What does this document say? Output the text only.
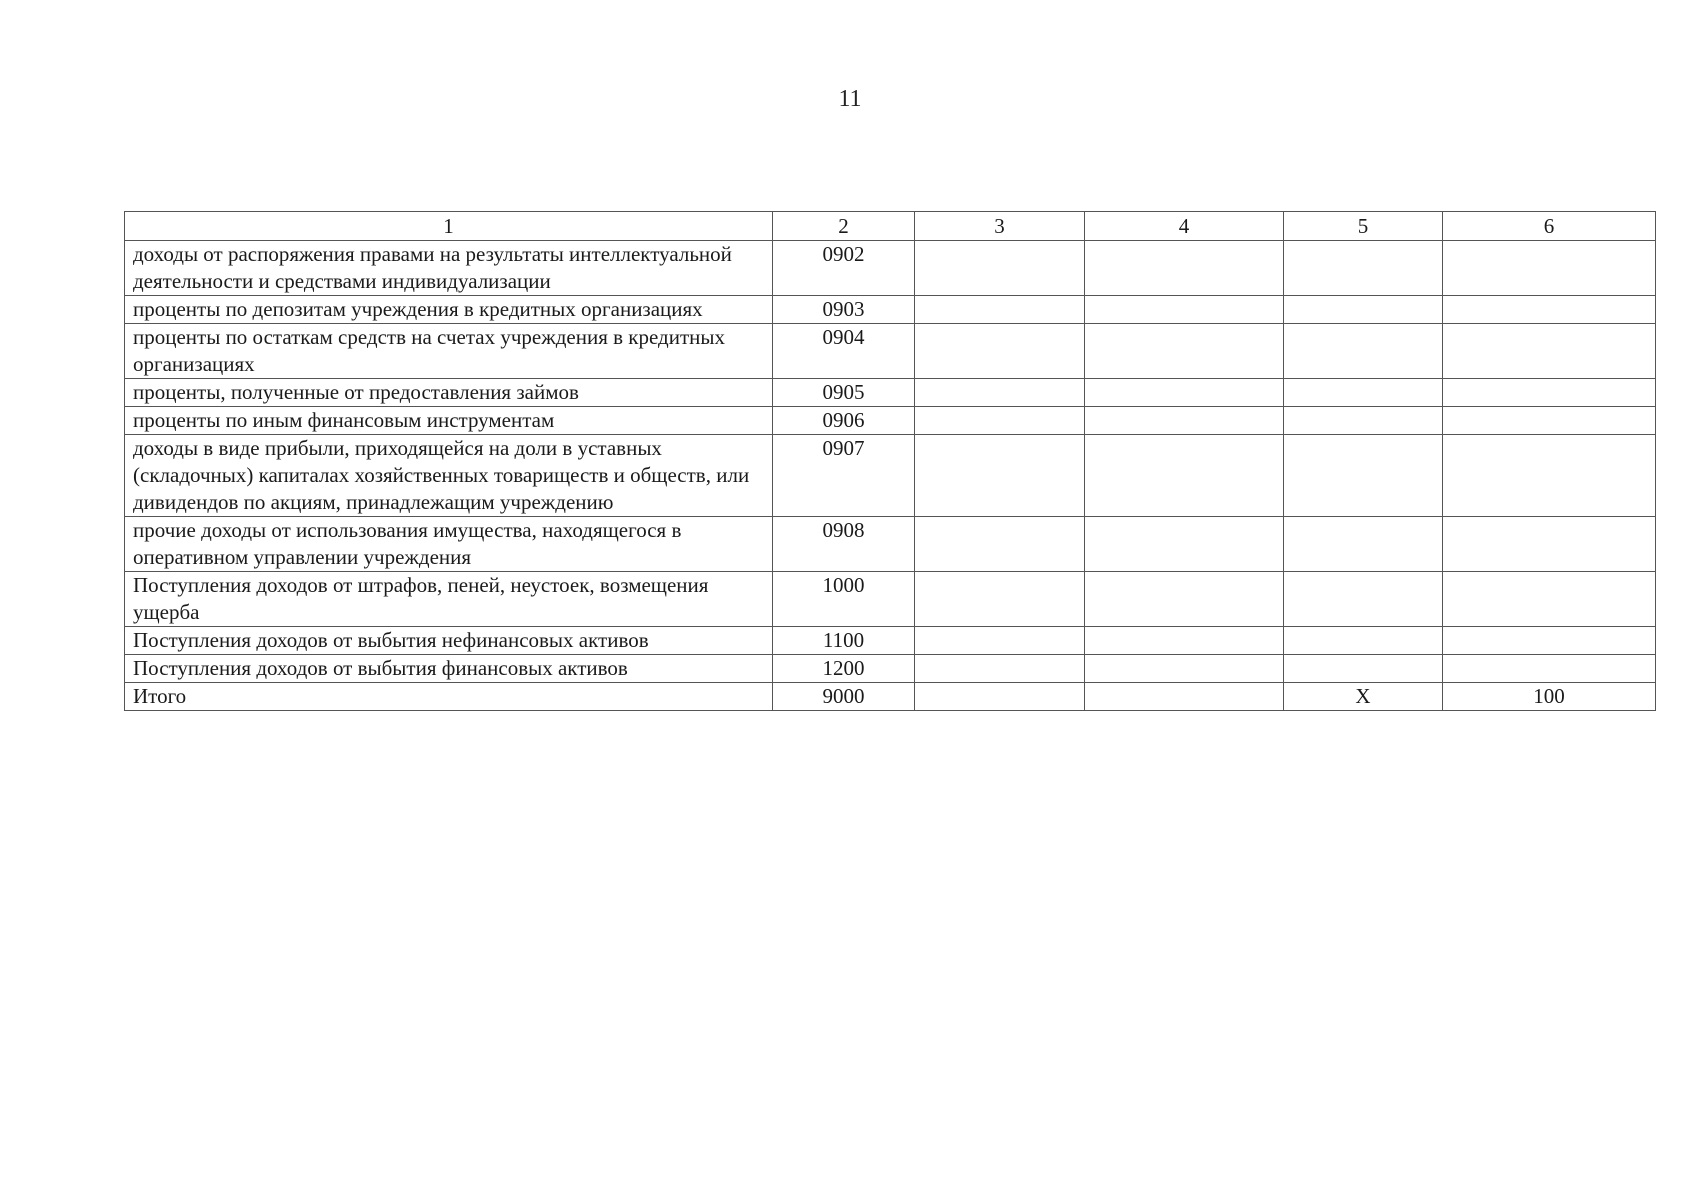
11
1	2	3	4	5	6
доходы от распоряжения правами на результаты интеллектуальной деятельности и средствами индивидуализации	0902				
проценты по депозитам учреждения в кредитных организациях	0903				
проценты по остаткам средств на счетах учреждения в кредитных организациях	0904				
проценты, полученные от предоставления займов	0905				
проценты по иным финансовым инструментам	0906				
доходы в виде прибыли, приходящейся на доли в уставных (складочных) капиталах хозяйственных товариществ и обществ, или дивидендов по акциям, принадлежащим учреждению	0907				
прочие доходы от использования имущества, находящегося в оперативном управлении учреждения	0908				
Поступления доходов от штрафов, пеней, неустоек, возмещения ущерба	1000				
Поступления доходов от выбытия нефинансовых активов	1100				
Поступления доходов от выбытия финансовых активов	1200				
Итого	9000			Х	100
